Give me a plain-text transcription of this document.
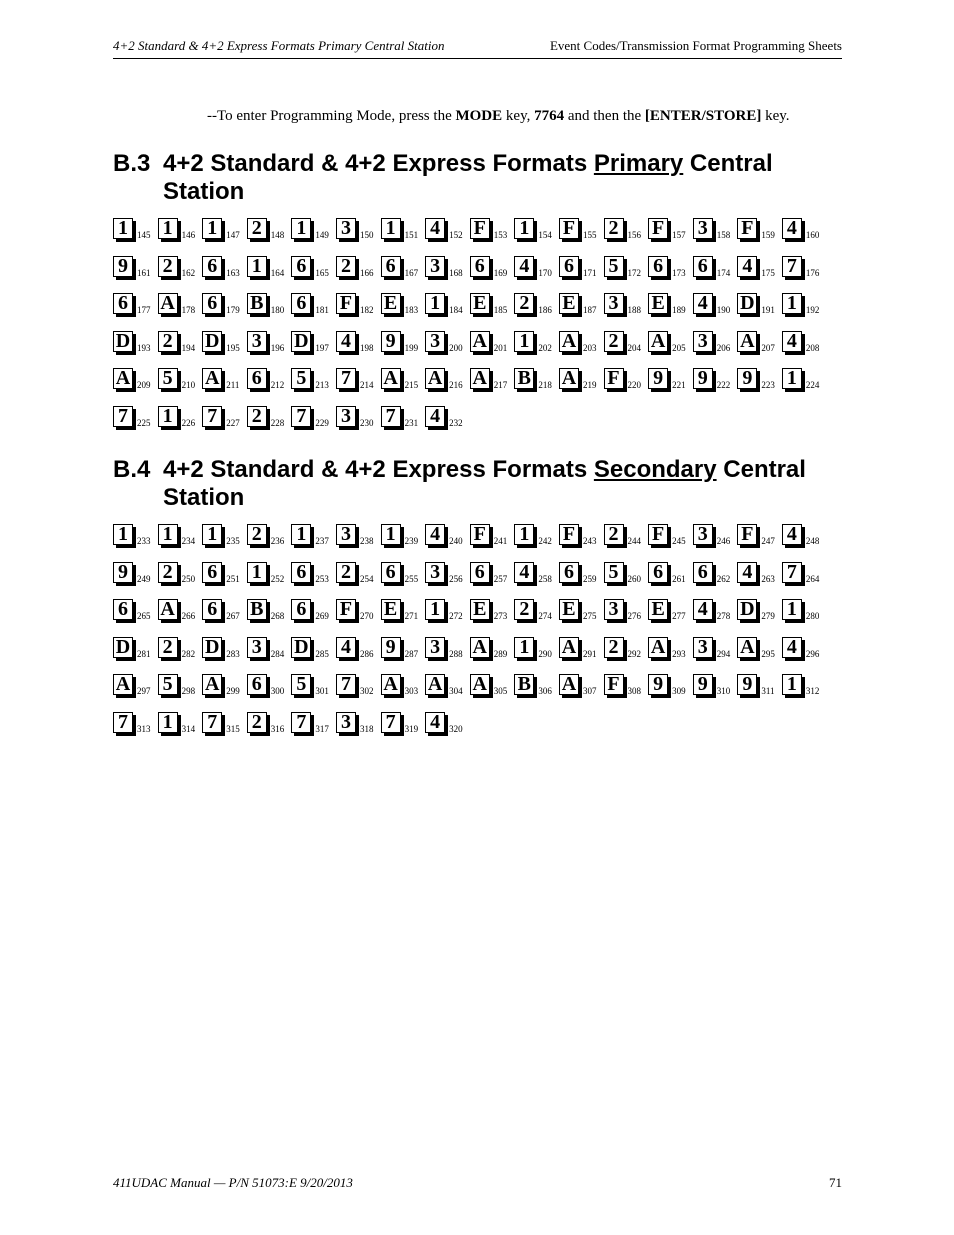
4+2 Standard & 4+2 Express Formats Primary Central Station	Event Codes/Transmission Format Programming Sheets
--To enter Programming Mode, press the MODE key, 7764 and then the [ENTER/STORE] key.
B.3 4+2 Standard & 4+2 Express Formats Primary Central
Station
1	145 1	146 1	147 2	148 1	149 3	150 1	151 4	152 F 153 1	154 F 155 2	156 F 157 3	158 F 159 4	160
9	161 2	162 6	163 1	164 6	165 2	166 6	167 3	168 6	169 4	170 6	171 5	172 6	173 6	174 4	175 7	176
6	177 A 178 6	179 B 180 6	181 F 182 E 183 1	184 E 185 2	186 E 187 3	188 E 189 4	190 D 191 1	192
D 193 2	194 D 195 3	196 D 197 4	198 9	199 3	200 A 201 1	202 A 203 2	204 A 205 3	206 A 207 4	208
A 209 5	210 A 211 6	212 5	213 7	214 A 215 A 216 A 217 B 218 A 219 F 220 9	221 9	222 9	223 1	224
7	225 1	226 7	227 2	228 7	229 3	230 7	231 4	232
B.4 4+2 Standard & 4+2 Express Formats Secondary Central
Station
1	233 1	234 1	235 2	236 1	237 3	238 1	239 4	240 F 241 1	242 F 243 2	244 F 245 3	246 F 247 4	248
9	249 2	250 6	251 1	252 6	253 2	254 6	255 3	256 6	257 4	258 6	259 5	260 6	261 6	262 4	263 7	264
6	265 A 266 6	267 B 268 6	269 F 270 E 271 1	272 E 273 2	274 E 275 3	276 E 277 4	278 D 279 1	280
D 281 2	282 D 283 3	284 D 285 4	286 9	287 3	288 A 289 1	290 A 291 2	292 A 293 3	294 A 295 4	296
A 297 5	298 A 299 6	300 5	301 7	302 A 303 A 304 A 305 B 306 A 307 F 308 9	309 9	310 9	311 1	312
7	313 1	314 7	315 2	316 7	317 3	318 7	319 4	320
411UDAC Manual — P/N 51073:E 9/20/2013	71
